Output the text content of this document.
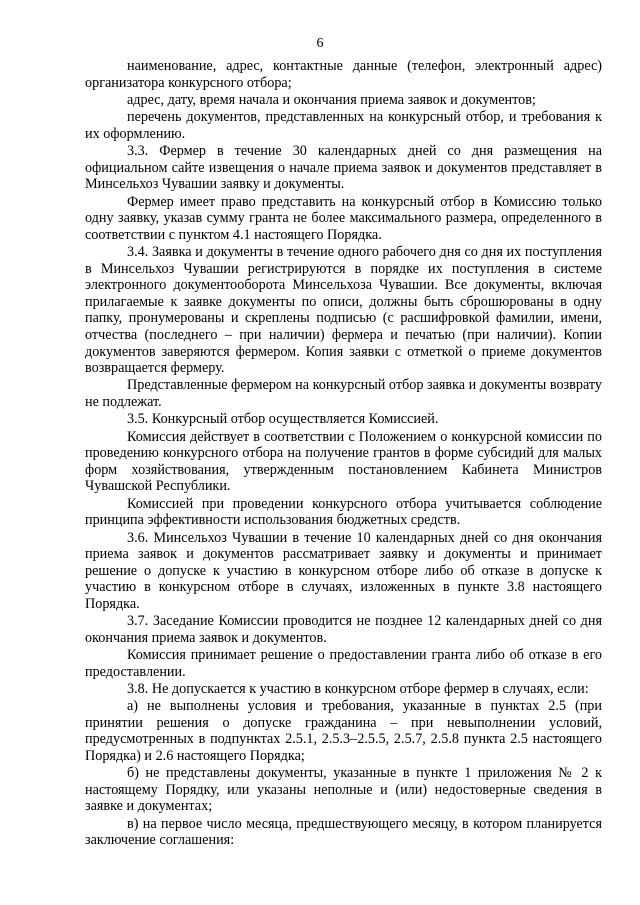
6

наименование, адрес, контактные данные (телефон, электронный адрес) организатора конкурсного отбора;

адрес, дату, время начала и окончания приема заявок и документов;

перечень документов, представленных на конкурсный отбор, и требования к их оформлению.

3.3. Фермер в течение 30 календарных дней со дня размещения на официальном сайте извещения о начале приема заявок и документов представляет в Минсельхоз Чувашии заявку и документы.

Фермер имеет право представить на конкурсный отбор в Комиссию только одну заявку, указав сумму гранта не более максимального размера, определенного в соответствии с пунктом 4.1 настоящего Порядка.

3.4. Заявка и документы в течение одного рабочего дня со дня их поступления в Минсельхоз Чувашии регистрируются в порядке их поступления в системе электронного документооборота Минсельхоза Чувашии. Все документы, включая прилагаемые к заявке документы по описи, должны быть сброшюрованы в одну папку, пронумерованы и скреплены подписью (с расшифровкой фамилии, имени, отчества (последнего – при наличии) фермера и печатью (при наличии). Копии документов заверяются фермером. Копия заявки с отметкой о приеме документов возвращается фермеру.

Представленные фермером на конкурсный отбор заявка и документы возврату не подлежат.

3.5. Конкурсный отбор осуществляется Комиссией.

Комиссия действует в соответствии с Положением о конкурсной комиссии по проведению конкурсного отбора на получение грантов в форме субсидий для малых форм хозяйствования, утвержденным постановлением Кабинета Министров Чувашской Республики.

Комиссией при проведении конкурсного отбора учитывается соблюдение принципа эффективности использования бюджетных средств.

3.6. Минсельхоз Чувашии в течение 10 календарных дней со дня окончания приема заявок и документов рассматривает заявку и документы и принимает решение о допуске к участию в конкурсном отборе либо об отказе в допуске к участию в конкурсном отборе в случаях, изложенных в пункте 3.8 настоящего Порядка.

3.7. Заседание Комиссии проводится не позднее 12 календарных дней со дня окончания приема заявок и документов.

Комиссия принимает решение о предоставлении гранта либо об отказе в его предоставлении.

3.8. Не допускается к участию в конкурсном отборе фермер в случаях, если:

а) не выполнены условия и требования, указанные в пунктах 2.5 (при принятии решения о допуске гражданина – при невыполнении условий, предусмотренных в подпунктах 2.5.1, 2.5.3–2.5.5, 2.5.7, 2.5.8 пункта 2.5 настоящего Порядка) и 2.6 настоящего Порядка;

б) не представлены документы, указанные в пункте 1 приложения № 2 к настоящему Порядку, или указаны неполные и (или) недостоверные сведения в заявке и документах;

в) на первое число месяца, предшествующего месяцу, в котором планируется заключение соглашения:
